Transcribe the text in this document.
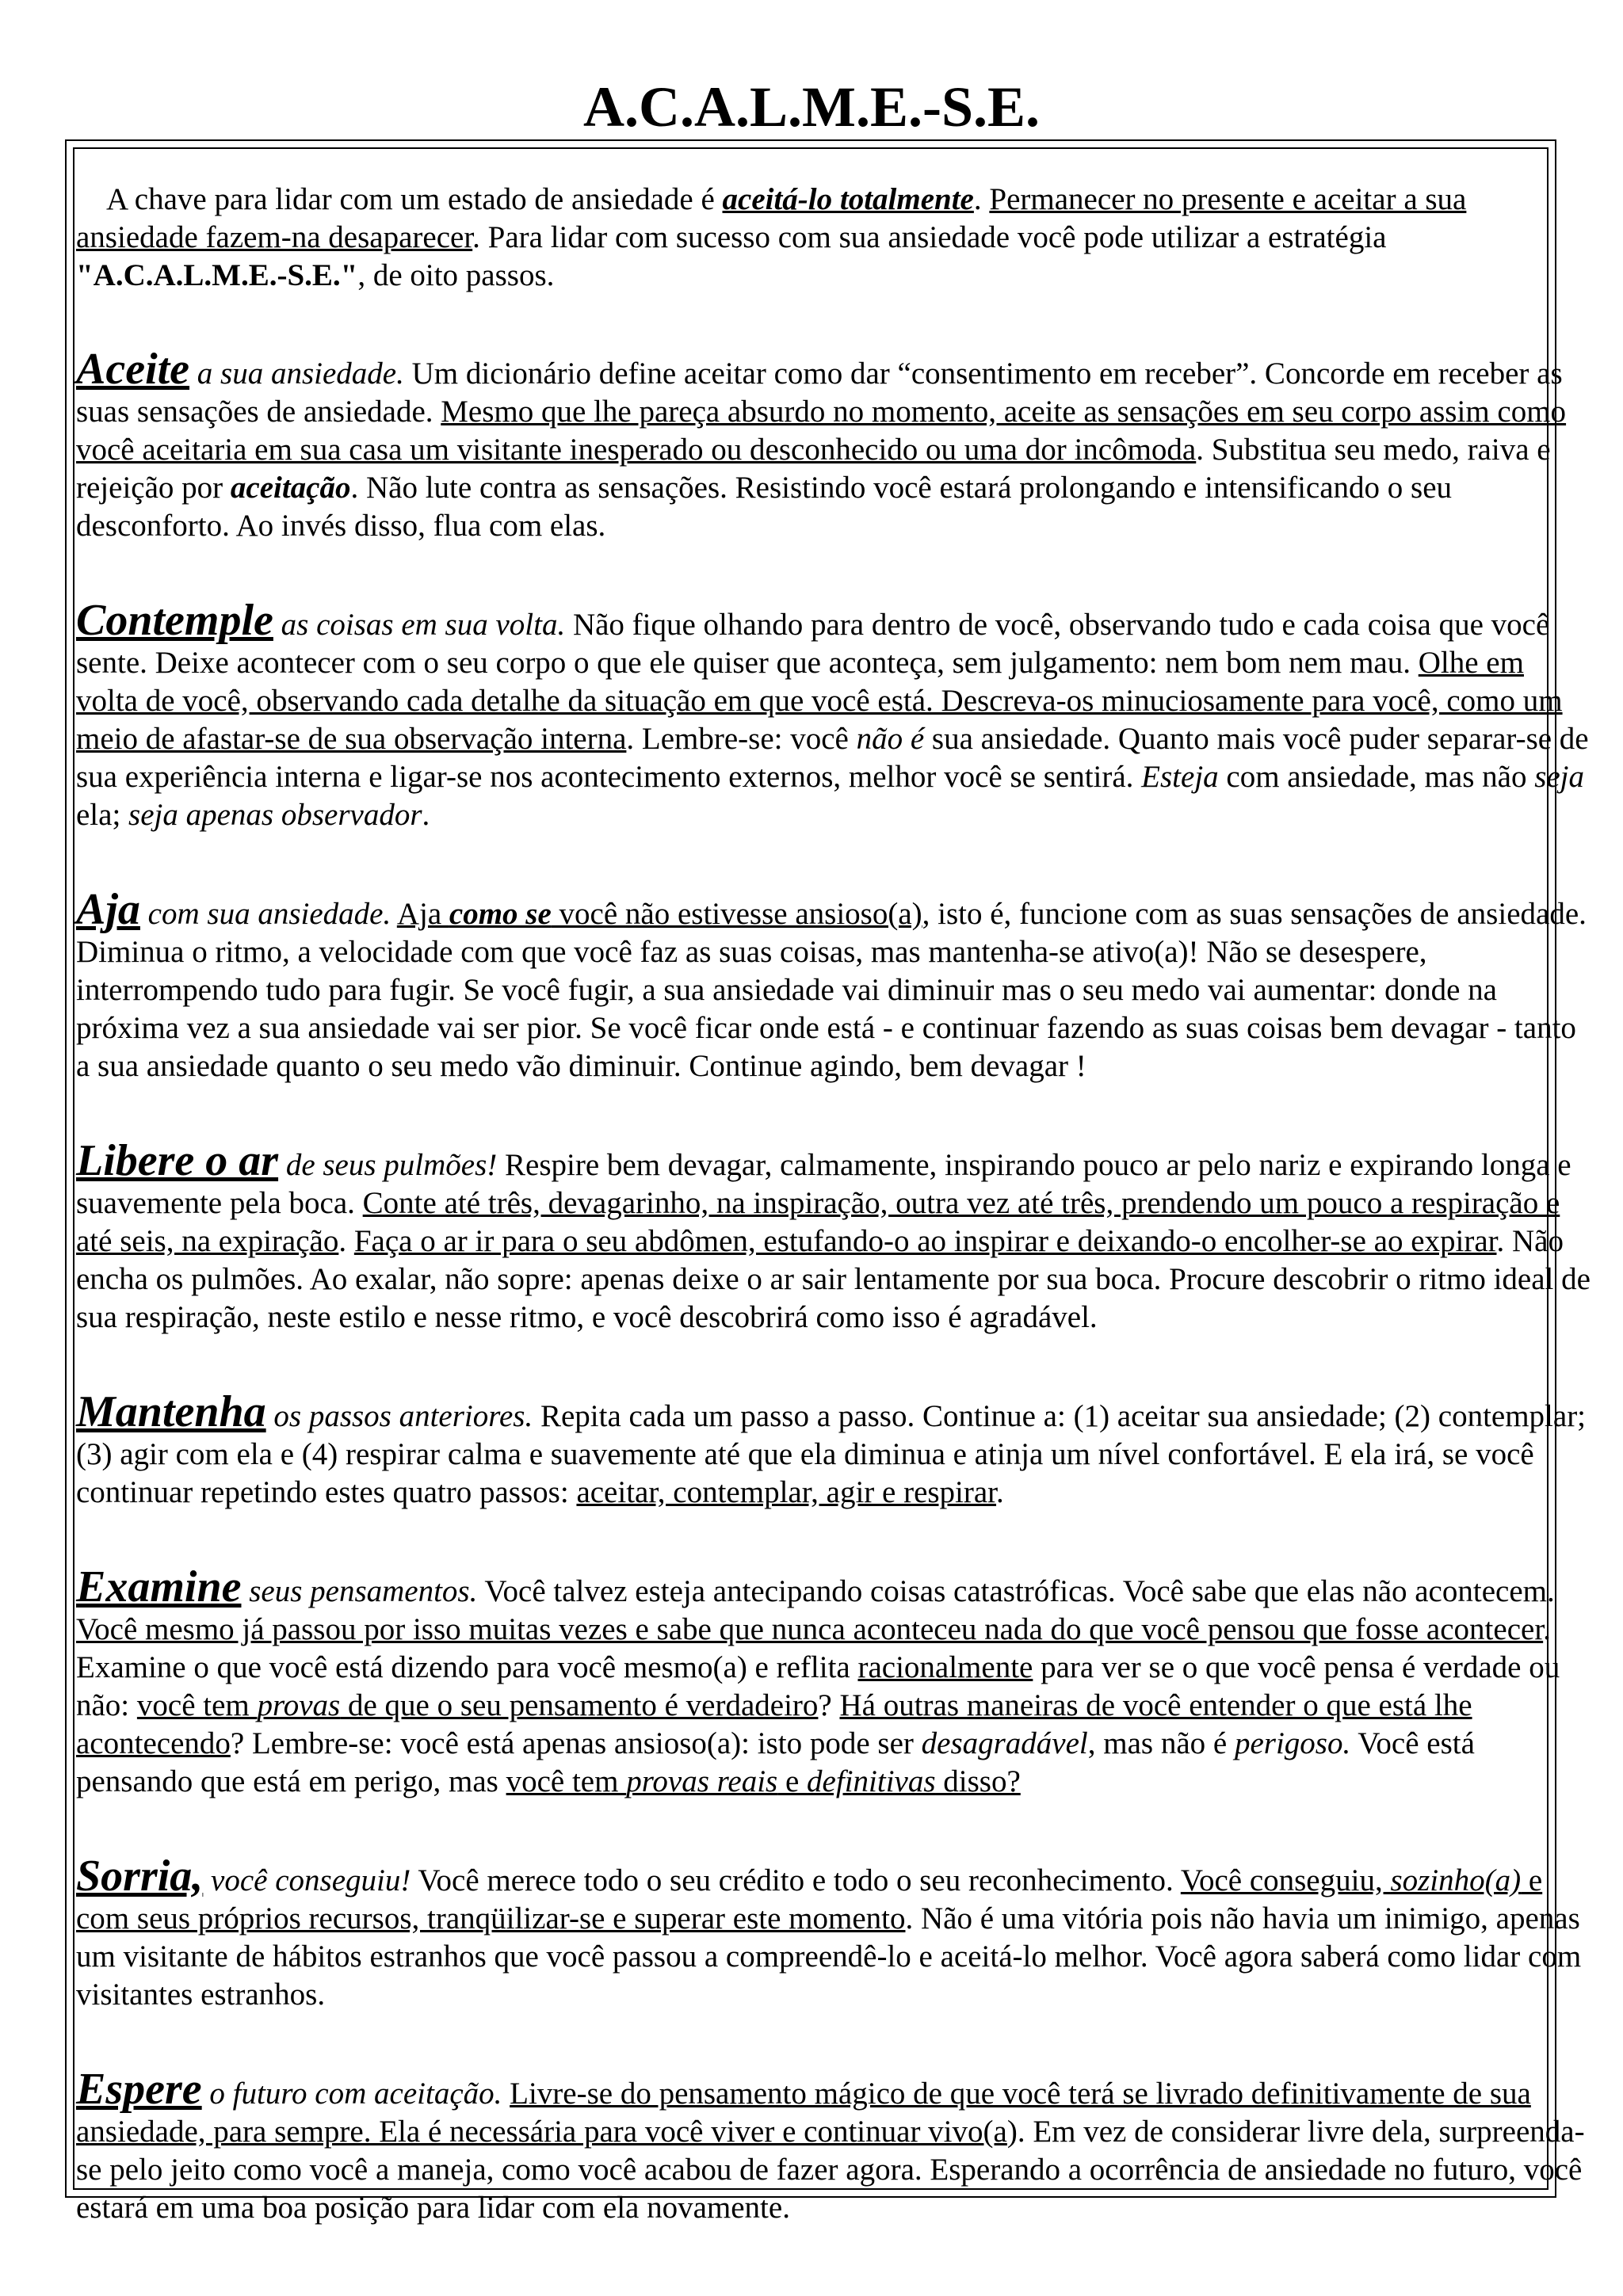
A.C.A.L.M.E.-S.E.

A chave para lidar com um estado de ansiedade é aceitá-lo totalmente. Permanecer no presente e aceitar a sua ansiedade fazem-na desaparecer. Para lidar com sucesso com sua ansiedade você pode utilizar a estratégia "A.C.A.L.M.E.-S.E.", de oito passos.

Aceite a sua ansiedade. Um dicionário define aceitar como dar “consentimento em receber”. Concorde em receber as suas sensações de ansiedade. Mesmo que lhe pareça absurdo no momento, aceite as sensações em seu corpo assim como você aceitaria em sua casa um visitante inesperado ou desconhecido ou uma dor incômoda. Substitua seu medo, raiva e rejeição por aceitação. Não lute contra as sensações. Resistindo você estará prolongando e intensificando o seu desconforto. Ao invés disso, flua com elas.

Contemple as coisas em sua volta. Não fique olhando para dentro de você, observando tudo e cada coisa que você sente. Deixe acontecer com o seu corpo o que ele quiser que aconteça, sem julgamento: nem bom nem mau. Olhe em volta de você, observando cada detalhe da situação em que você está. Descreva-os minuciosamente para você, como um meio de afastar-se de sua observação interna. Lembre-se: você não é sua ansiedade. Quanto mais você puder separar-se de sua experiência interna e ligar-se nos acontecimento externos, melhor você se sentirá. Esteja com ansiedade, mas não seja ela; seja apenas observador.

Aja com sua ansiedade. Aja como se você não estivesse ansioso(a), isto é, funcione com as suas sensações de ansiedade. Diminua o ritmo, a velocidade com que você faz as suas coisas, mas mantenha-se ativo(a)! Não se desespere, interrompendo tudo para fugir. Se você fugir, a sua ansiedade vai diminuir mas o seu medo vai aumentar: donde na próxima vez a sua ansiedade vai ser pior. Se você ficar onde está - e continuar fazendo as suas coisas bem devagar - tanto a sua ansiedade quanto o seu medo vão diminuir. Continue agindo, bem devagar !

Libere o ar de seus pulmões! Respire bem devagar, calmamente, inspirando pouco ar pelo nariz e expirando longa e suavemente pela boca. Conte até três, devagarinho, na inspiração, outra vez até três, prendendo um pouco a respiração e até seis, na expiração. Faça o ar ir para o seu abdômen, estufando-o ao inspirar e deixando-o encolher-se ao expirar. Não encha os pulmões. Ao exalar, não sopre: apenas deixe o ar sair lentamente por sua boca. Procure descobrir o ritmo ideal de sua respiração, neste estilo e nesse ritmo, e você descobrirá como isso é agradável.

Mantenha os passos anteriores. Repita cada um passo a passo. Continue a: (1) aceitar sua ansiedade; (2) contemplar; (3) agir com ela e (4) respirar calma e suavemente até que ela diminua e atinja um nível confortável. E ela irá, se você continuar repetindo estes quatro passos: aceitar, contemplar, agir e respirar.

Examine seus pensamentos. Você talvez esteja antecipando coisas catastróficas. Você sabe que elas não acontecem. Você mesmo já passou por isso muitas vezes e sabe que nunca aconteceu nada do que você pensou que fosse acontecer. Examine o que você está dizendo para você mesmo(a) e reflita racionalmente para ver se o que você pensa é verdade ou não: você tem provas de que o seu pensamento é verdadeiro? Há outras maneiras de você entender o que está lhe acontecendo? Lembre-se: você está apenas ansioso(a): isto pode ser desagradável, mas não é perigoso. Você está pensando que está em perigo, mas você tem provas reais e definitivas disso?

Sorria, você conseguiu! Você merece todo o seu crédito e todo o seu reconhecimento. Você conseguiu, sozinho(a) e com seus próprios recursos, tranqüilizar-se e superar este momento. Não é uma vitória pois não havia um inimigo, apenas um visitante de hábitos estranhos que você passou a compreendê-lo e aceitá-lo melhor. Você agora saberá como lidar com visitantes estranhos.

Espere o futuro com aceitação. Livre-se do pensamento mágico de que você terá se livrado definitivamente de sua ansiedade, para sempre. Ela é necessária para você viver e continuar vivo(a). Em vez de considerar livre dela, surpreenda-se pelo jeito como você a maneja, como você acabou de fazer agora. Esperando a ocorrência de ansiedade no futuro, você estará em uma boa posição para lidar com ela novamente.
